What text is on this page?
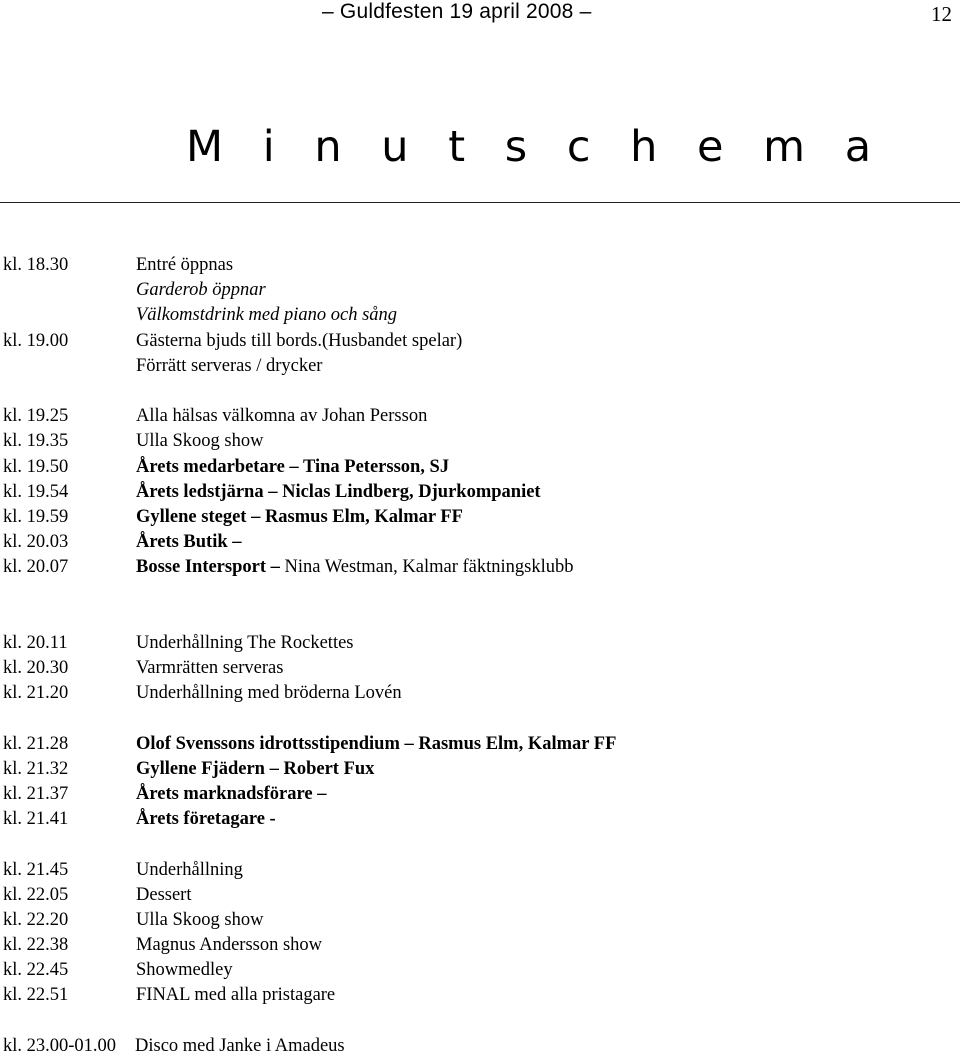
– Guldfesten 19 april 2008 –	12
M i n u t s c h e m a
kl. 18.30	Entré öppnas
Garderob öppnar
Välkomstdrink med piano och sång
kl. 19.00	Gästerna bjuds till bords.(Husbandet spelar)
Förrätt serveras / drycker
kl. 19.25	Alla hälsas välkomna av Johan Persson
kl. 19.35	Ulla Skoog show
kl. 19.50	Årets medarbetare – Tina Petersson, SJ
kl. 19.54	Årets ledstjärna – Niclas Lindberg, Djurkompaniet
kl. 19.59	Gyllene steget – Rasmus Elm, Kalmar FF
kl. 20.03	Årets Butik –
kl. 20.07	Bosse Intersport – Nina Westman, Kalmar fäktningsklubb
kl. 20.11	Underhållning The Rockettes
kl. 20.30	Varmrätten serveras
kl. 21.20	Underhållning med bröderna Lovén
kl. 21.28	Olof Svenssons idrottsstipendium – Rasmus Elm, Kalmar FF
kl. 21.32	Gyllene Fjädern – Robert Fux
kl. 21.37	Årets marknadsförare –
kl. 21.41	Årets företagare -
kl. 21.45	Underhållning
kl. 22.05	Dessert
kl. 22.20	Ulla Skoog show
kl. 22.38	Magnus Andersson show
kl. 22.45	Showmedley
kl. 22.51	FINAL med alla pristagare
kl. 23.00-01.00 Disco med Janke i Amadeus
